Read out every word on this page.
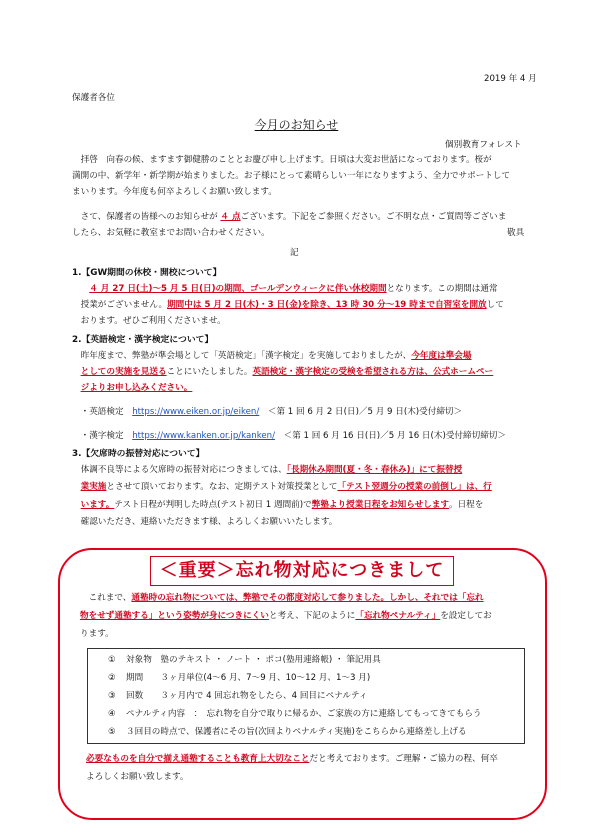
2019 年 4 月
保護者各位
今月のお知らせ
個別教育フォレスト
　拝啓　向春の候、ますます御健勝のこととお慶び申し上げます。日頃は大変お世話になっております。桜が
満開の中、新学年・新学期が始まりました。お子様にとって素晴らしい一年になりますよう、全力でサポートして
まいります。今年度も何卒よろしくお願い致します。
　さて、保護者の皆様へのお知らせが ４ 点ございます。下記をご参照ください。ご不明な点・ご質問等ございま
したら、お気軽に教室までお問い合わせください。	敬具
記
1.【GW期間の休校・開校について】
　　４ 月 27 日(土)～5 月 5 日(日)の期間、ゴールデンウィークに伴い休校期間となります。この期間は通常
　授業がございません。期間中は 5 月 2 日(木)・3 日(金)を除き、13 時 30 分～19 時まで自習室を開放して
　おります。ぜひご利用くださいませ。
2.【英語検定・漢字検定について】
　昨年度まで、弊塾が準会場として「英語検定」「漢字検定」を実施しておりましたが、今年度は準会場
　としての実施を見送ることにいたしました。英語検定・漢字検定の受検を希望される方は、公式ホームペー
　ジよりお申し込みください。
　・英語検定　https://www.eiken.or.jp/eiken/　＜第 1 回 6 月 2 日(日)／5 月 9 日(木)受付締切＞
　・漢字検定　https://www.kanken.or.jp/kanken/　＜第 1 回 6 月 16 日(日)／5 月 16 日(木)受付締切締切＞
3.【欠席時の振替対応について】
　体調不良等による欠席時の振替対応につきましては、「長期休み期間(夏・冬・春休み)」にて振替授
　業実施とさせて頂いております。なお、定期テスト対策授業として「テスト翌週分の授業の前倒し」は、行
　います。テスト日程が判明した時点(テスト初日 1 週間前)で弊塾より授業日程をお知らせします。日程を
　確認いただき、連絡いただきます様、よろしくお願いいたします。
＜重要＞忘れ物対応につきまして
　これまで、通塾時の忘れ物については、弊塾でその都度対応して参りました。しかし、それでは「忘れ
物をせず通塾する」という姿勢が身につきにくいと考え、下記のように「忘れ物ペナルティ」を設定してお
ります。
① 対象物　塾のテキスト ・ ノート ・ ポコ(塾用連絡帳) ・ 筆記用具
② 期間　　３ヶ月単位(4～6 月、7～9 月、10～12 月、1～3 月)
③ 回数　　３ヶ月内で 4 回忘れ物をしたら、4 回目にペナルティ
④ ペナルティ内容　：　忘れ物を自分で取りに帰るか、ご家族の方に連絡してもってきてもらう
⑤ ３回目の時点で、保護者にその旨(次回よりペナルティ実施)をこちらから連絡差し上げる
必要なものを自分で揃え通塾することも教育上大切なことだと考えております。ご理解・ご協力の程、何卒
よろしくお願い致します。
